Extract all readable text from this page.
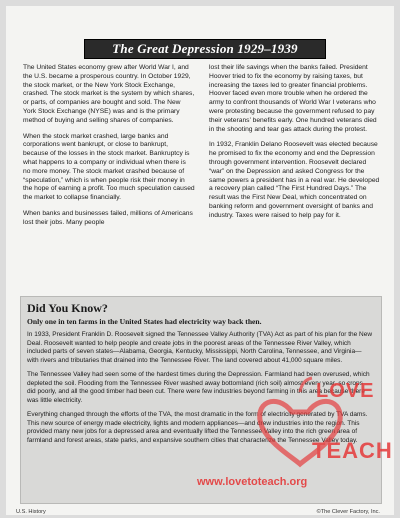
The Great Depression 1929–1939

The United States economy grew after World War I, and the U.S. became a prosperous country. In October 1929, the stock market, or the New York Stock Exchange, crashed. The stock market is the system by which shares, or parts, of companies are bought and sold. The New York Stock Exchange (NYSE) was and is the primary method of buying and selling shares of companies.

When the stock market crashed, large banks and corporations went bankrupt, or close to bankrupt, because of the losses in the stock market. Bankruptcy is what happens to a company or individual when there is no more money. The stock market crashed because of “speculation,” which is when people risk their money in the hope of earning a profit. Too much speculation caused the market to collapse financially.

When banks and businesses failed, millions of Americans lost their jobs. Many people

lost their life savings when the banks failed. President Hoover tried to fix the economy by raising taxes, but increasing the taxes led to greater financial problems. Hoover faced even more trouble when he ordered the army to confront thousands of World War I veterans who were protesting because the government refused to pay their veterans’ benefits early. One hundred veterans died in the shooting and tear gas attack during the protest.

In 1932, Franklin Delano Roosevelt was elected because he promised to fix the economy and end the Depression through government intervention. Roosevelt declared “war” on the Depression and asked Congress for the same powers a president has in a real war. He developed a recovery plan called “The First Hundred Days.” The result was the First New Deal, which concentrated on banking reform and government oversight of banks and industry. Taxes were raised to help pay for it.

Did You Know?
Only one in ten farms in the United States had electricity way back then.

In 1933, President Franklin D. Roosevelt signed the Tennessee Valley Authority (TVA) Act as part of his plan for the New Deal. Roosevelt wanted to help people and create jobs in the poorest areas of the Tennessee River Valley, which included parts of seven states—Alabama, Georgia, Kentucky, Mississippi, North Carolina, Tennessee, and Virginia—with rivers and tributaries that drained into the Tennessee River. The land covered about 41,000 square miles.

The Tennessee Valley had seen some of the hardest times during the Depression. Farmland had been overused, which depleted the soil. Flooding from the Tennessee River washed away bottomland (rich soil) almost every year, so crops did poorly, and all the good timber had been cut. There were few industries beyond farming in this area because there was little electricity.

Everything changed through the efforts of the TVA, the most dramatic in the form of electricity generated by TVA dams. This new source of energy made electricity, lights and modern appliances—and drew industries into the region. This provided many new jobs for a depressed area and eventually lifted the Tennessee Valley into the rich green area of farmland and forest areas, state parks, and expansive southern cities that characterize the Tennessee Valley today.

U.S. History	©The Clever Factory, Inc.
LOVE
TEACH
www.lovetoteach.org
